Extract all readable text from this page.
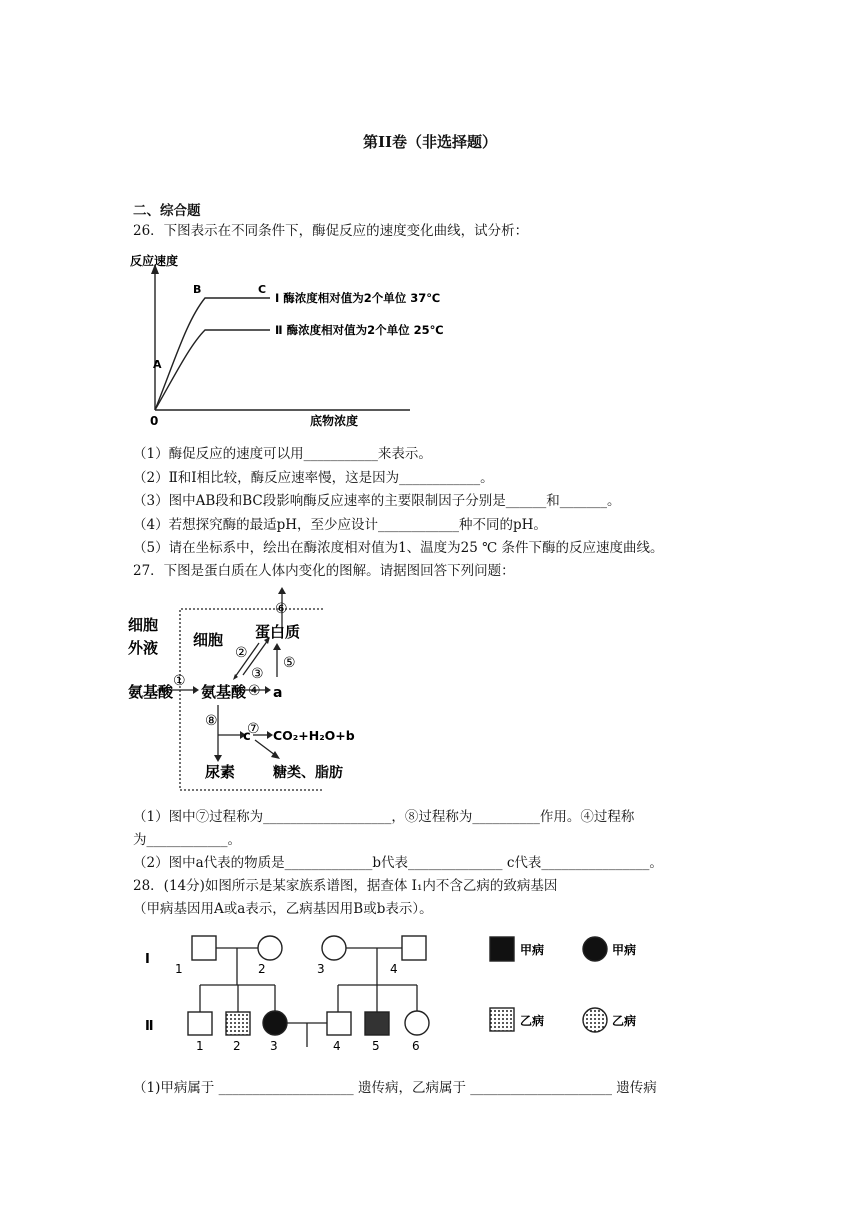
第II卷（非选择题）
二、综合题
26．下图表示在不同条件下，酶促反应的速度变化曲线，试分析：
反应速度
0	底物浓度
A
B	C
Ⅰ 酶浓度相对值为2个单位 37℃
Ⅱ 酶浓度相对值为2个单位 25℃
（1）酶促反应的速度可以用___________来表示。
（2）Ⅱ和Ⅰ相比较，酶反应速率慢，这是因为____________。
（3）图中AB段和BC段影响酶反应速率的主要限制因子分别是______和_______。
（4）若想探究酶的最适pH，至少应设计____________种不同的pH。
（5）请在坐标系中，绘出在酶浓度相对值为1、温度为25 ℃ 条件下酶的反应速度曲线。
27．下图是蛋白质在人体内变化的图解。请据图回答下列问题：
细胞
外液 细胞 蛋白质
氨基酸 氨基酸 a
c CO₂+H₂O+b
尿素	糖类、脂肪
①
②
③
④
⑤
⑥
⑦
⑧
（1）图中⑦过程称为___________________，⑧过程称为__________作用。④过程称
为____________。
（2）图中a代表的物质是_____________b代表______________ c代表________________。
28．(14分)如图所示是某家族系谱图，据查体 I₁内不含乙病的致病基因
（甲病基因用A或a表示，乙病基因用B或b表示）。
Ⅰ
Ⅱ
1	2	3	4
1 2 3	4	5	6
甲病	甲病
乙病	乙病
（1)甲病属于 ____________________ 遗传病，乙病属于 _____________________ 遗传病
